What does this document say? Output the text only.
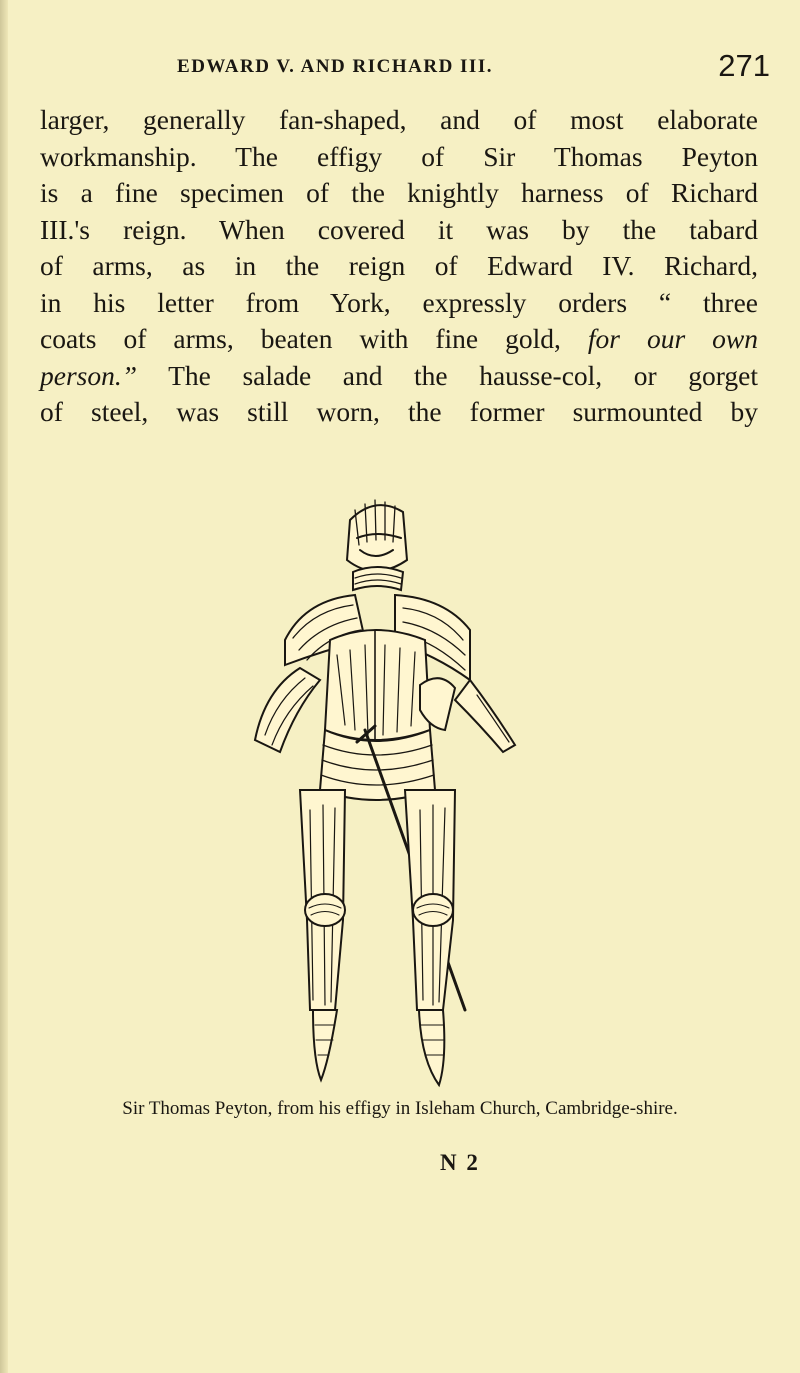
EDWARD V. AND RICHARD III.	271
larger, generally fan-shaped, and of most elaborate
workmanship. The effigy of Sir Thomas Peyton
is a fine specimen of the knightly harness of Richard
III.'s reign. When covered it was by the tabard
of arms, as in the reign of Edward IV. Richard,
in his letter from York, expressly orders “ three
coats of arms, beaten with fine gold, for our own
person.” The salade and the hausse-col, or gorget
of steel, was still worn, the former surmounted by
Sir Thomas Peyton, from his effigy in Isleham Church, Cambridge-shire.
N 2
